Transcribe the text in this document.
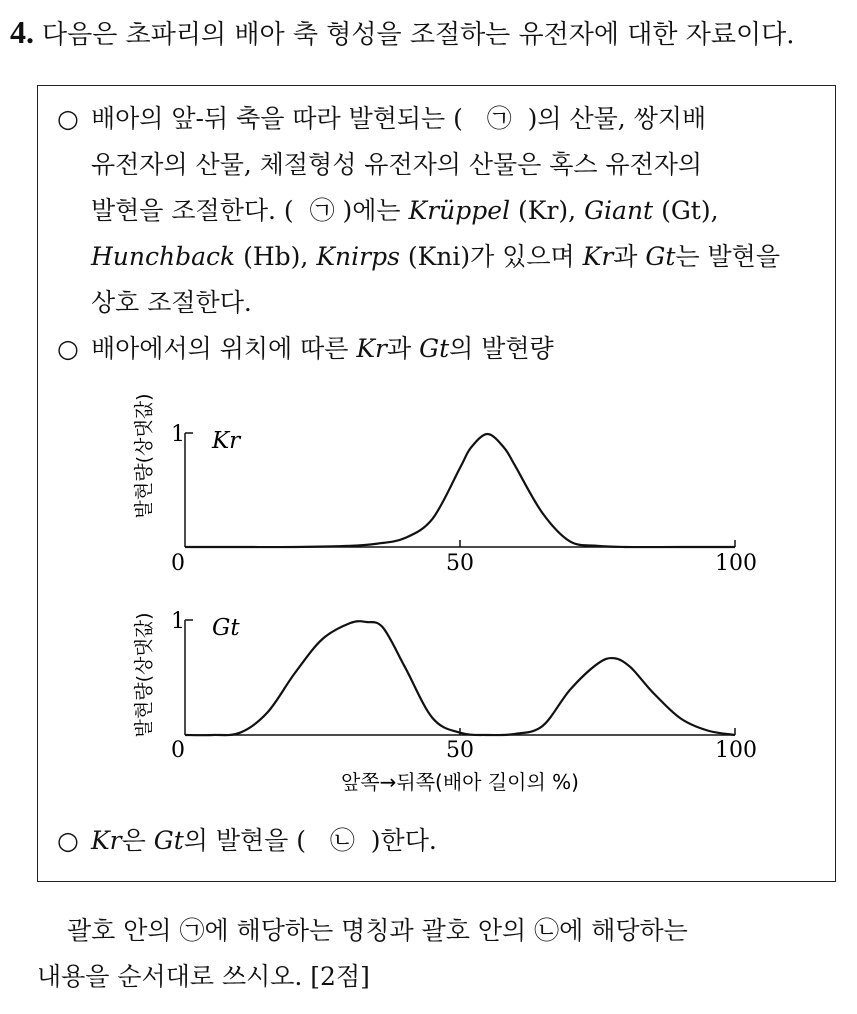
4. 다음은 초파리의 배아 축 형성을 조절하는 유전자에 대한 자료이다.
○ 배아의 앞-뒤 축을 따라 발현되는 ( ㉠ )의 산물, 쌍지배
유전자의 산물, 체절형성 유전자의 산물은 혹스 유전자의
발현을 조절한다. ( ㉠ )에는 Krüppel (Kr), Giant (Gt),
Hunchback (Hb), Knirps (Kni)가 있으며 Kr과 Gt는 발현을
상호 조절한다.
○ 배아에서의 위치에 따른 Kr과 Gt의 발현량
발현량(상댓값) 1
0	50	100
Kr
발현량(상댓값) 1
0	50	100
Gt
앞쪽→뒤쪽(배아 길이의 %)
○ Kr은 Gt의 발현을 ( ㉡ )한다.
괄호 안의 ㉠에 해당하는 명칭과 괄호 안의 ㉡에 해당하는
내용을 순서대로 쓰시오. [2점]
